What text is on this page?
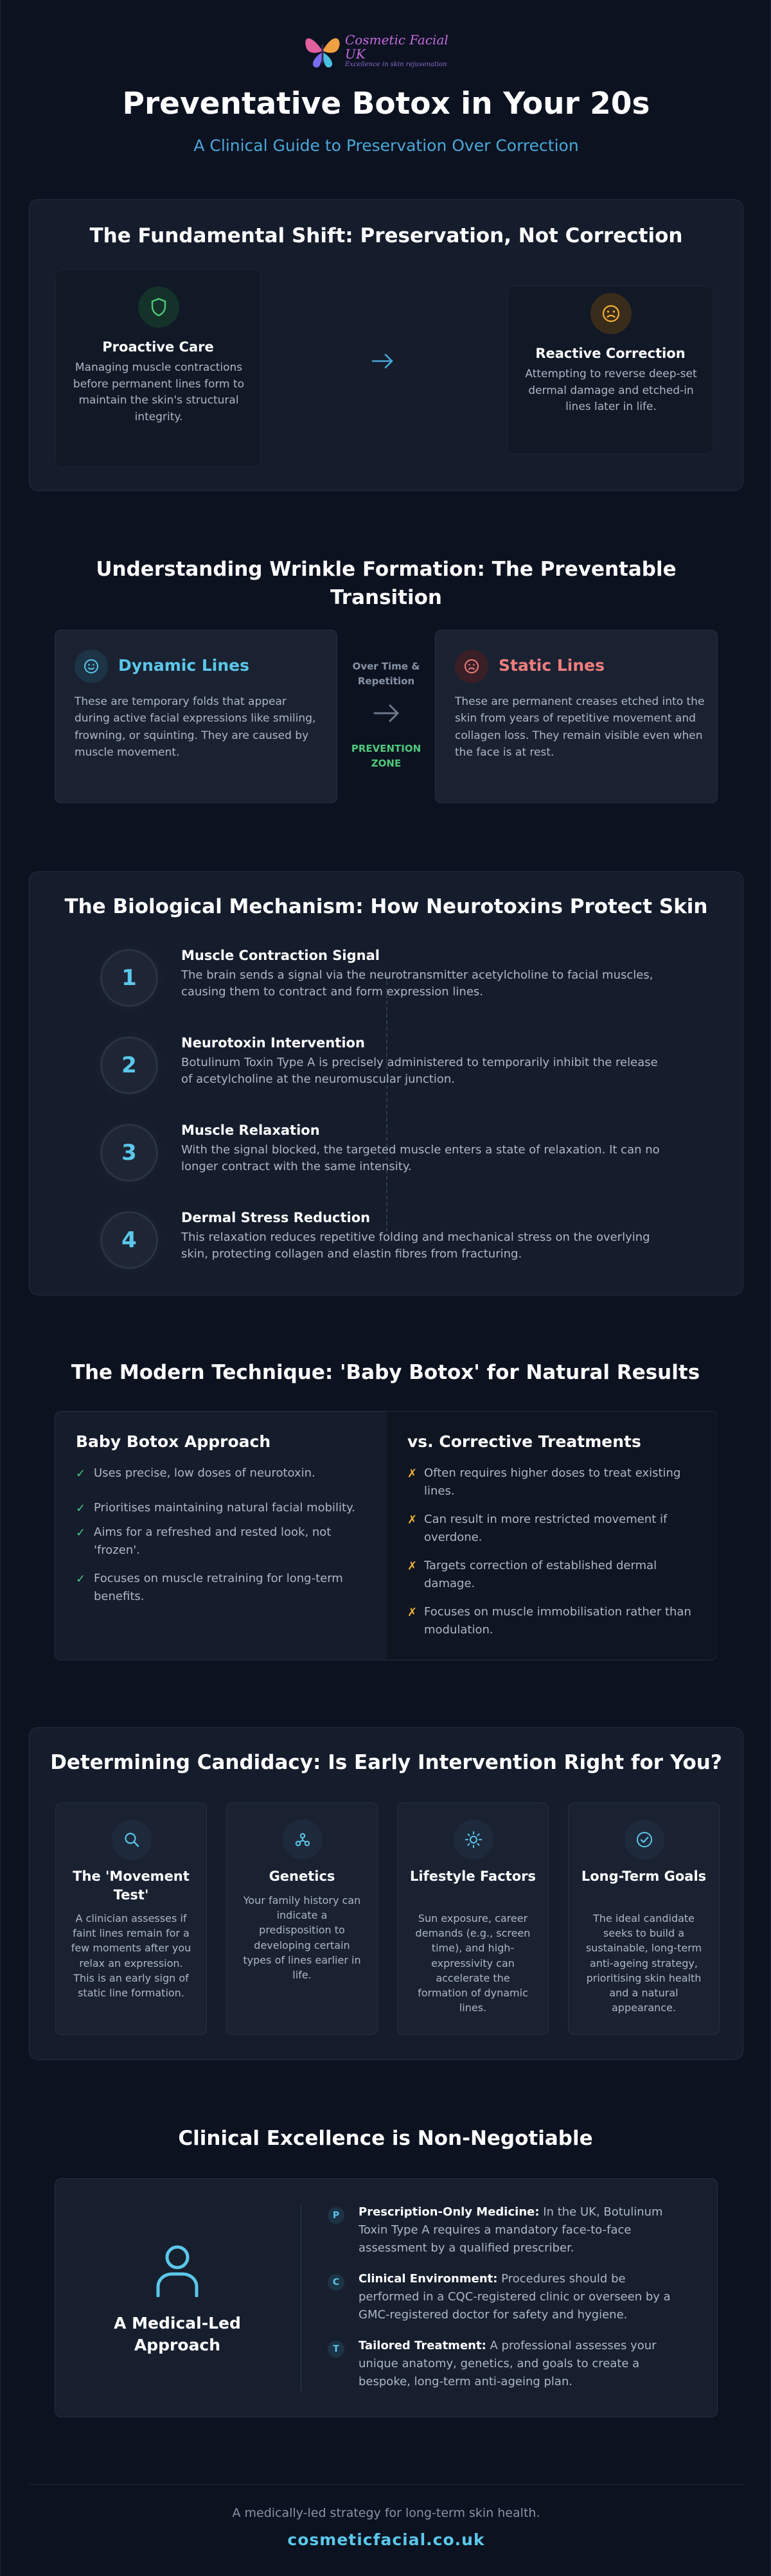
Cosmetic Facial UK
Excellence in skin rejuvenation
Preventative Botox in Your 20s
A Clinical Guide to Preservation Over Correction
The Fundamental Shift: Preservation, Not Correction
Proactive Care
Managing muscle contractions before permanent lines form to maintain the skin's structural integrity.
Reactive Correction
Attempting to reverse deep-set dermal damage and etched-in lines later in life.
Understanding Wrinkle Formation: The Preventable Transition
Dynamic Lines
These are temporary folds that appear during active facial expressions like smiling, frowning, or squinting. They are caused by muscle movement.
Over Time & Repetition
PREVENTION ZONE
Static Lines
These are permanent creases etched into the skin from years of repetitive movement and collagen loss. They remain visible even when the face is at rest.
The Biological Mechanism: How Neurotoxins Protect Skin
1
Muscle Contraction Signal
The brain sends a signal via the neurotransmitter acetylcholine to facial muscles, causing them to contract and form expression lines.
2
Neurotoxin Intervention
Botulinum Toxin Type A is precisely administered to temporarily inhibit the release of acetylcholine at the neuromuscular junction.
3
Muscle Relaxation
With the signal blocked, the targeted muscle enters a state of relaxation. It can no longer contract with the same intensity.
4
Dermal Stress Reduction
This relaxation reduces repetitive folding and mechanical stress on the overlying skin, protecting collagen and elastin fibres from fracturing.
The Modern Technique: 'Baby Botox' for Natural Results
Baby Botox Approach
✓ Uses precise, low doses of neurotoxin.
✓ Prioritises maintaining natural facial mobility.
✓ Aims for a refreshed and rested look, not 'frozen'.
✓ Focuses on muscle retraining for long-term benefits.
vs. Corrective Treatments
✗ Often requires higher doses to treat existing lines.
✗ Can result in more restricted movement if overdone.
✗ Targets correction of established dermal damage.
✗ Focuses on muscle immobilisation rather than modulation.
Determining Candidacy: Is Early Intervention Right for You?
The 'Movement Test'
A clinician assesses if faint lines remain for a few moments after you relax an expression. This is an early sign of static line formation.
Genetics
Your family history can indicate a predisposition to developing certain types of lines earlier in life.
Lifestyle Factors
Sun exposure, career demands (e.g., screen time), and high-expressivity can accelerate the formation of dynamic lines.
Long-Term Goals
The ideal candidate seeks to build a sustainable, long-term anti-ageing strategy, prioritising skin health and a natural appearance.
Clinical Excellence is Non-Negotiable
A Medical-Led Approach
P	Prescription-Only Medicine: In the UK, Botulinum Toxin Type A requires a mandatory face-to-face assessment by a qualified prescriber.
C	Clinical Environment: Procedures should be performed in a CQC-registered clinic or overseen by a GMC-registered doctor for safety and hygiene.
T	Tailored Treatment: A professional assesses your unique anatomy, genetics, and goals to create a bespoke, long-term anti-ageing plan.
A medically-led strategy for long-term skin health.
cosmeticfacial.co.uk
